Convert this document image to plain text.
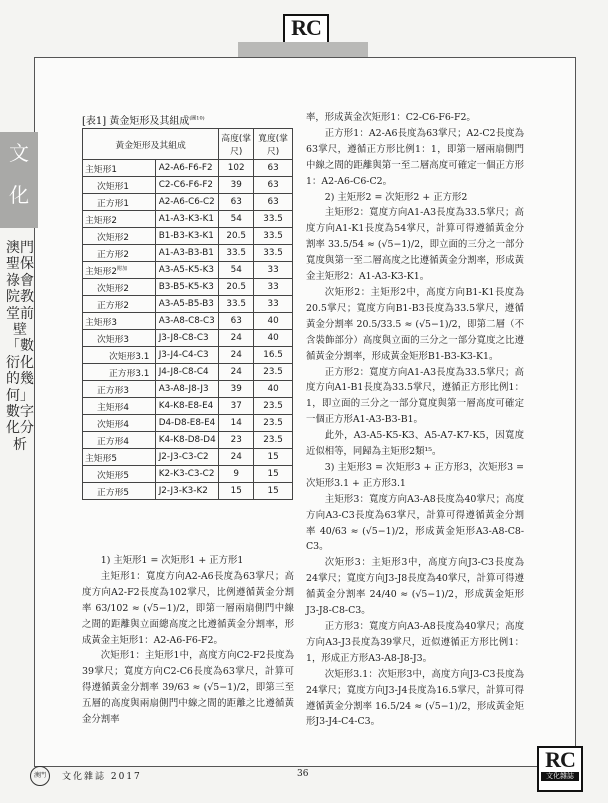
RC
文
化
澳門聖保祿會院教堂前壁「數衍化的幾何」數字化分析
[表1] 黃金矩形及其組成$^{(圖10)}$
黃金矩形及其組成		高度(掌尺)	寬度(掌尺)
主矩形1	A2-A6-F6-F2	102	63
次矩形1	C2-C6-F6-F2	39	63
正方形1	A2-A6-C6-C2	63	63
主矩形2	A1-A3-K3-K1	54	33.5
次矩形2	B1-B3-K3-K1	20.5	33.5
正方形2	A1-A3-B3-B1	33.5	33.5
主矩形$2^{附加}$	A3-A5-K5-K3	54	33
次矩形2	B3-B5-K5-K3	20.5	33
正方形2	A3-A5-B5-B3	33.5	33
主矩形3	A3-A8-C8-C3	63	40
次矩形3	J3-J8-C8-C3	24	40
次矩形3.1	J3-J4-C4-C3	24	16.5
正方形3.1	J4-J8-C8-C4	24	23.5
正方形3	A3-A8-J8-J3	39	40
主矩形4	K4-K8-E8-E4	37	23.5
次矩形4	D4-D8-E8-E4	14	23.5
正方形4	K4-K8-D8-D4	23	23.5
主矩形5	J2-J3-C3-C2	24	15
次矩形5	K2-K3-C3-C2	9	15
正方形5	J2-J3-K3-K2	15	15

1) 主矩形1 = 次矩形1 + 正方形1

主矩形1：寬度方向A2-A6長度為63掌尺；高度方向A2-F2長度為102掌尺，比例遵循黃金分割率 63/102 ≈ (√5−1)/2，即第一層兩扇側門中線之間的距離與立面總高度之比遵循黃金分割率，形成黃金主矩形1：A2-A6-F6-F2。

次矩形1：主矩形1中，高度方向C2-F2長度為39掌尺；寬度方向C2-C6長度為63掌尺，計算可得遵循黃金分割率 39/63 ≈ (√5−1)/2，即第三至五層的高度與兩扇側門中線之間的距離之比遵循黃金分割率

率，形成黃金次矩形1：C2-C6-F6-F2。

正方形1：A2-A6長度為63掌尺；A2-C2長度為63掌尺，遵循正方形比例1：1，即第一層兩扇側門中線之間的距離與第一至二層高度可確定一個正方形1：A2-A6-C6-C2。

2) 主矩形2 = 次矩形2 + 正方形2

主矩形2：寬度方向A1-A3長度為33.5掌尺；高度方向A1-K1長度為54掌尺，計算可得遵循黃金分割率 33.5/54 ≈ (√5−1)/2，即立面的三分之一部分寬度與第一至二層高度之比遵循黃金分割率，形成黃金主矩形2：A1-A3-K3-K1。

次矩形2：主矩形2中，高度方向B1-K1長度為20.5掌尺；寬度方向B1-B3長度為33.5掌尺，遵循黃金分割率 20.5/33.5 ≈ (√5−1)/2，即第二層（不含裝飾部分）高度與立面的三分之一部分寬度之比遵循黃金分割率，形成黃金矩形B1-B3-K3-K1。

正方形2：寬度方向A1-A3長度為33.5掌尺；高度方向A1-B1長度為33.5掌尺，遵循正方形比例1：1，即立面的三分之一部分寬度與第一層高度可確定一個正方形A1-A3-B3-B1。

此外，A3-A5-K5-K3、A5-A7-K7-K5，因寬度近似相等，同歸為主矩形2類¹⁵。

3) 主矩形3 = 次矩形3 + 正方形3，次矩形3 = 次矩形3.1 + 正方形3.1

主矩形3：寬度方向A3-A8長度為40掌尺；高度方向A3-C3長度為63掌尺，計算可得遵循黃金分割率 40/63 ≈ (√5−1)/2，形成黃金矩形A3-A8-C8-C3。

次矩形3：主矩形3中，高度方向J3-C3長度為24掌尺；寬度方向J3-J8長度為40掌尺，計算可得遵循黃金分割率 24/40 ≈ (√5−1)/2，形成黃金矩形J3-J8-C8-C3。

正方形3：寬度方向A3-A8長度為40掌尺；高度方向A3-J3長度為39掌尺，近似遵循正方形比例1：1，形成正方形A3-A8-J8-J3。

次矩形3.1：次矩形3中，高度方向J3-C3長度為24掌尺；寬度方向J3-J4長度為16.5掌尺，計算可得遵循黃金分割率 16.5/24 ≈ (√5−1)/2，形成黃金矩形J3-J4-C4-C3。

澳門	文化雜誌 2017	36
RC
文化雜誌
